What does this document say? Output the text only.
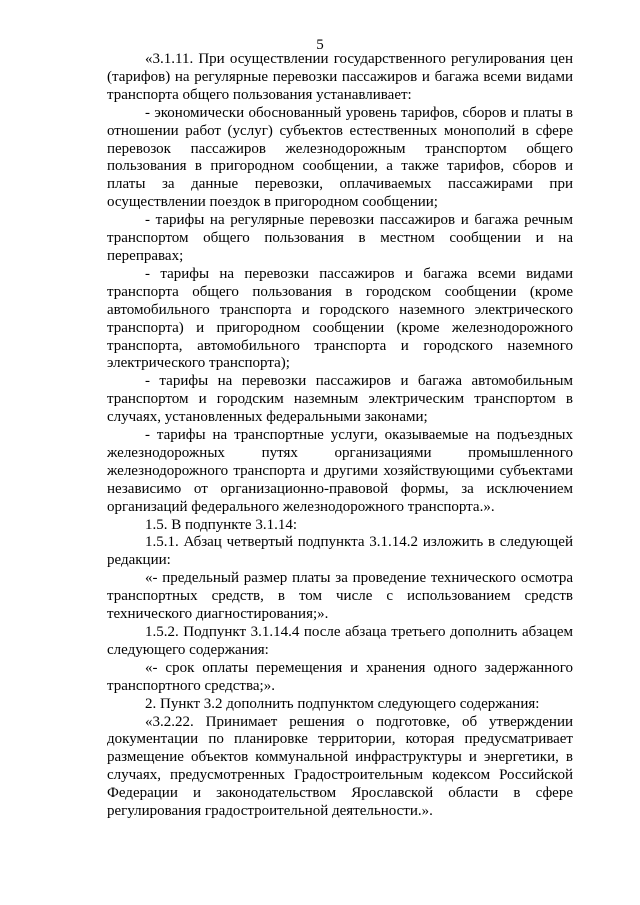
5

«3.1.11. При осуществлении государственного регулирования цен (тарифов) на регулярные перевозки пассажиров и багажа всеми видами транспорта общего пользования устанавливает:

- экономически обоснованный уровень тарифов, сборов и платы в отношении работ (услуг) субъектов естественных монополий в сфере перевозок пассажиров железнодорожным транспортом общего пользования в пригородном сообщении, а также тарифов, сборов и платы за данные перевозки, оплачиваемых пассажирами при осуществлении поездок в пригородном сообщении;

- тарифы на регулярные перевозки пассажиров и багажа речным транспортом общего пользования в местном сообщении и на переправах;

- тарифы на перевозки пассажиров и багажа всеми видами транспорта общего пользования в городском сообщении (кроме автомобильного транспорта и городского наземного электрического транспорта) и пригородном сообщении (кроме железнодорожного транспорта, автомобильного транспорта и городского наземного электрического транспорта);

- тарифы на перевозки пассажиров и багажа автомобильным транспортом и городским наземным электрическим транспортом в случаях, установленных федеральными законами;

- тарифы на транспортные услуги, оказываемые на подъездных железнодорожных путях организациями промышленного железнодорожного транспорта и другими хозяйствующими субъектами независимо от организационно-правовой формы, за исключением организаций федерального железнодорожного транспорта.».

1.5. В подпункте 3.1.14:

1.5.1. Абзац четвертый подпункта 3.1.14.2 изложить в следующей редакции:

«- предельный размер платы за проведение технического осмотра транспортных средств, в том числе с использованием средств технического диагностирования;».

1.5.2. Подпункт 3.1.14.4 после абзаца третьего дополнить абзацем следующего содержания:

«- срок оплаты перемещения и хранения одного задержанного транспортного средства;».

2. Пункт 3.2 дополнить подпунктом следующего содержания:

«3.2.22. Принимает решения о подготовке, об утверждении документации по планировке территории, которая предусматривает размещение объектов коммунальной инфраструктуры и энергетики, в случаях, предусмотренных Градостроительным кодексом Российской Федерации и законодательством Ярославской области в сфере регулирования градостроительной деятельности.».
